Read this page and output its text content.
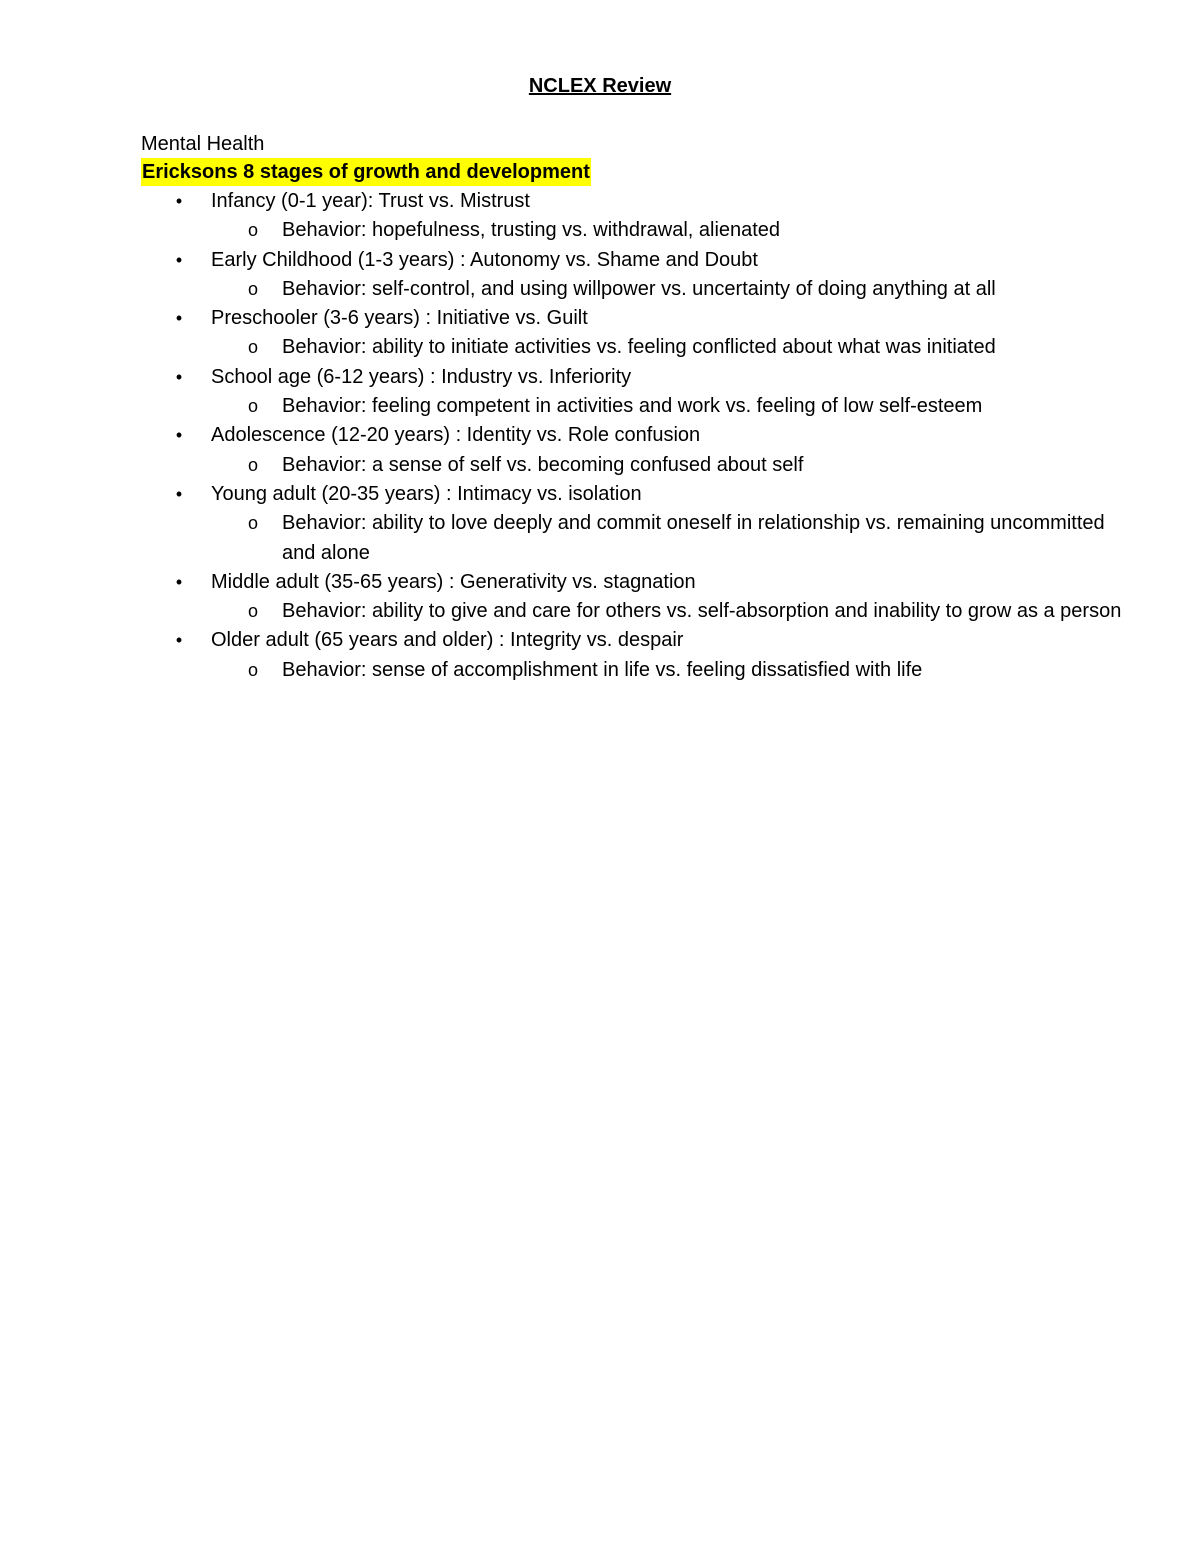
NCLEX Review
Mental Health
Ericksons 8 stages of growth and development
• Infancy (0-1 year): Trust vs. Mistrust
o Behavior: hopefulness, trusting vs. withdrawal, alienated
• Early Childhood (1-3 years) : Autonomy vs. Shame and Doubt
o Behavior: self-control, and using willpower vs. uncertainty of doing anything at all
• Preschooler (3-6 years) : Initiative vs. Guilt
o Behavior: ability to initiate activities vs. feeling conflicted about what was initiated
• School age (6-12 years) : Industry vs. Inferiority
o Behavior: feeling competent in activities and work vs. feeling of low self-esteem
• Adolescence (12-20 years) : Identity vs. Role confusion
o Behavior: a sense of self vs. becoming confused about self
• Young adult (20-35 years) : Intimacy vs. isolation
o Behavior: ability to love deeply and commit oneself in relationship vs. remaining uncommitted and alone
• Middle adult (35-65 years) : Generativity vs. stagnation
o Behavior: ability to give and care for others vs. self-absorption and inability to grow as a person
• Older adult (65 years and older) : Integrity vs. despair
o Behavior: sense of accomplishment in life vs. feeling dissatisfied with life
